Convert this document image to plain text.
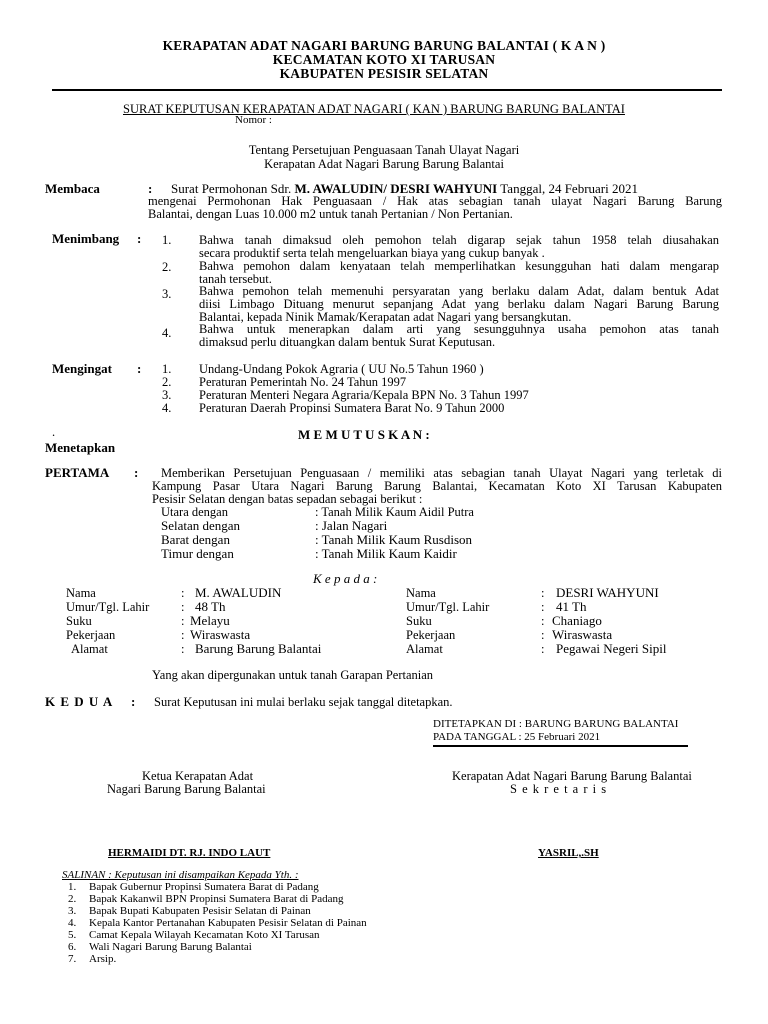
KERAPATAN ADAT NAGARI BARUNG BARUNG BALANTAI ( K A N )
KECAMATAN KOTO XI TARUSAN
KABUPATEN PESISIR SELATAN
SURAT KEPUTUSAN KERAPATAN ADAT NAGARI ( KAN ) BARUNG BARUNG BALANTAI
Nomor :
Tentang Persetujuan Penguasaan Tanah Ulayat Nagari
Kerapatan Adat Nagari Barung Barung Balantai
Membaca	: Surat Permohonan Sdr. M. AWALUDIN/ DESRI WAHYUNI Tanggal, 24 Februari 2021
mengenai Permohonan Hak Penguasaan / Hak atas sebagian tanah ulayat Nagari Barung Barung
Balantai, dengan Luas 10.000 m2 untuk tanah Pertanian / Non Pertanian.
Menimbang : 1. Bahwa tanah dimaksud oleh pemohon telah digarap sejak tahun 1958 telah diusahakan
secara produktif serta telah mengeluarkan biaya yang cukup banyak .
2. Bahwa pemohon dalam kenyataan telah memperlihatkan kesungguhan hati dalam mengarap
tanah tersebut.
3. Bahwa pemohon telah memenuhi persyaratan yang berlaku dalam Adat, dalam bentuk Adat
diisi Limbago Dituang menurut sepanjang Adat yang berlaku dalam Nagari Barung Barung
Balantai, kepada Ninik Mamak/Kerapatan adat Nagari yang bersangkutan.
4. Bahwa untuk menerapkan dalam arti yang sesungguhnya usaha pemohon atas tanah
dimaksud perlu dituangkan dalam bentuk Surat Keputusan.
Mengingat : 1. Undang-Undang Pokok Agraria ( UU No.5 Tahun 1960 )
2. Peraturan Pemerintah No. 24 Tahun 1997
3. Peraturan Menteri Negara Agraria/Kepala BPN No. 3 Tahun 1997
4. Peraturan Daerah Propinsi Sumatera Barat No. 9 Tahun 2000
.	M E M U T U S K A N :
Menetapkan
PERTAMA : Memberikan Persetujuan Penguasaan / memiliki atas sebagian tanah Ulayat Nagari yang terletak di
Kampung Pasar Utara Nagari Barung Barung Balantai, Kecamatan Koto XI Tarusan Kabupaten
Pesisir Selatan dengan batas sepadan sebagai berikut :
Utara dengan	: Tanah Milik Kaum Aidil Putra
Selatan dengan	: Jalan Nagari
Barat dengan	: Tanah Milik Kaum Rusdison
Timur dengan	: Tanah Milik Kaum Kaidir
K e p a d a :
Nama	: M. AWALUDIN
Umur/Tgl. Lahir	: 48 Th
Suku	: Melayu
Pekerjaan	: Wiraswasta
Alamat	: Barung Barung Balantai
Nama	: DESRI WAHYUNI
Umur/Tgl. Lahir	: 41 Th
Suku	: Chaniago
Pekerjaan	: Wiraswasta
Alamat	: Pegawai Negeri Sipil
Yang akan dipergunakan untuk tanah Garapan Pertanian
K E D U A : Surat Keputusan ini mulai berlaku sejak tanggal ditetapkan.
DITETAPKAN DI : BARUNG BARUNG BALANTAI
PADA TANGGAL : 25 Februari 2021
Ketua Kerapatan Adat
Nagari Barung Barung Balantai
Kerapatan Adat Nagari Barung Barung Balantai
S e k r e t a r i s
HERMAIDI DT. RJ. INDO LAUT	YASRIL,.SH
SALINAN : Keputusan ini disampaikan Kepada Yth. :
1. Bapak Gubernur Propinsi Sumatera Barat di Padang
2. Bapak Kakanwil BPN Propinsi Sumatera Barat di Padang
3. Bapak Bupati Kabupaten Pesisir Selatan di Painan
4. Kepala Kantor Pertanahan Kabupaten Pesisir Selatan di Painan
5. Camat Kepala Wilayah Kecamatan Koto XI Tarusan
6. Wali Nagari Barung Barung Balantai
7. Arsip.
